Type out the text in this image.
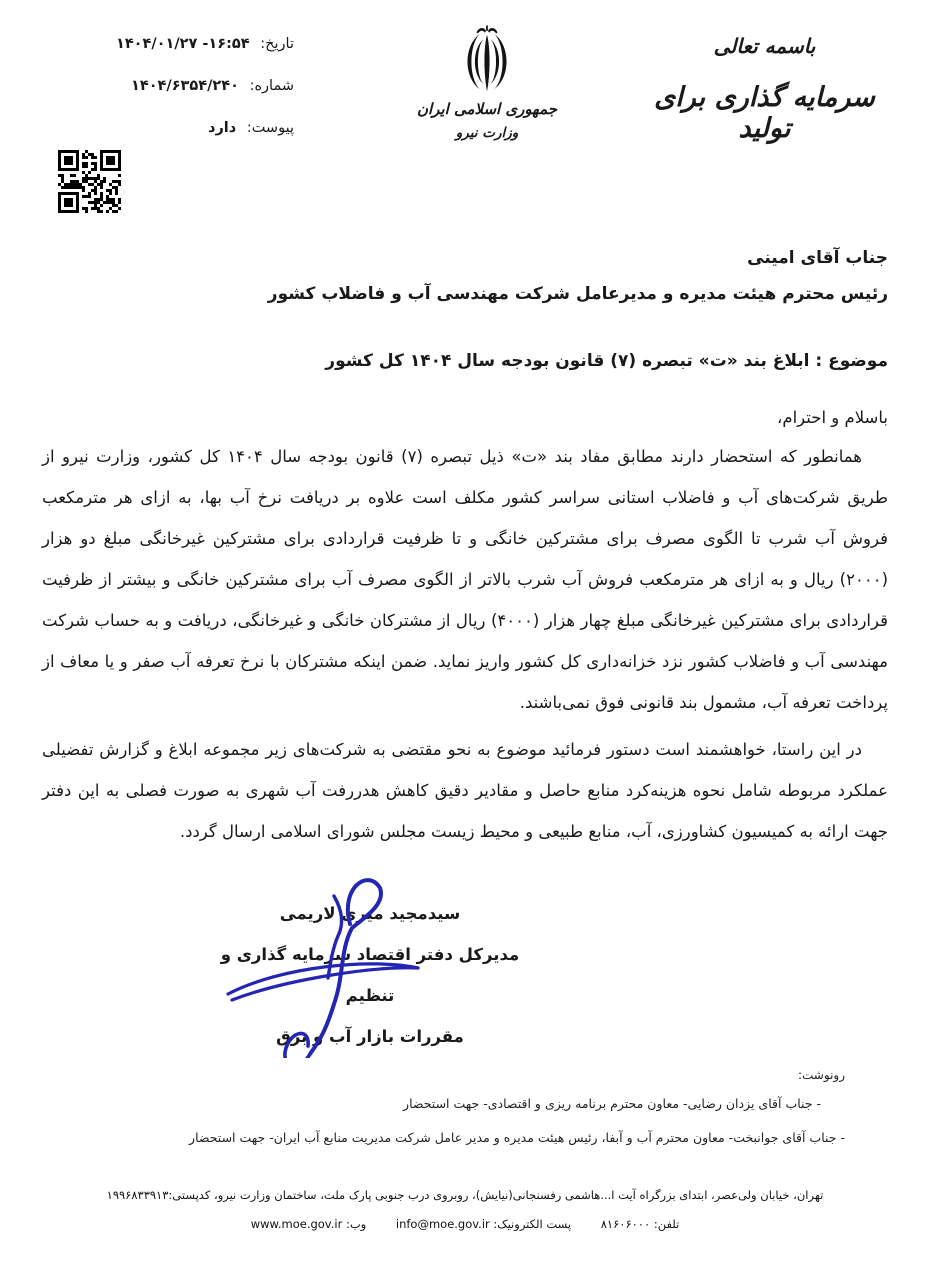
تاریخ: ۱۴۰۴/۰۱/۲۷ -۱۶:۵۴
شماره: ۱۴۰۴/۶۳۵۴/۲۴۰
پیوست: دارد
جمهوری اسلامی ایران
وزارت نیرو
باسمه تعالی
سرمایه گذاری برای تولید
جناب آقای امینی
رئیس محترم هیئت مدیره و مدیرعامل شرکت مهندسی آب و فاضلاب کشور
موضوع : ابلاغ بند «ت» تبصره (۷) قانون بودجه سال ۱۴۰۴ کل کشور
باسلام و احترام،

همانطور که استحضار دارند مطابق مفاد بند «ت» ذیل تبصره (۷) قانون بودجه سال ۱۴۰۴ کل کشور، وزارت نیرو از طریق شرکت‌های آب و فاضلاب استانی سراسر کشور مکلف است علاوه بر دریافت نرخ آب بها، به ازای هر مترمکعب فروش آب شرب تا الگوی مصرف برای مشترکین خانگی و تا ظرفیت قراردادی برای مشترکین غیرخانگی مبلغ دو هزار (۲۰۰۰) ریال و به ازای هر مترمکعب فروش آب شرب بالاتر از الگوی مصرف آب برای مشترکین خانگی و بیشتر از ظرفیت قراردادی برای مشترکین غیرخانگی مبلغ چهار هزار (۴۰۰۰) ریال از مشترکان خانگی و غیرخانگی، دریافت و به حساب شرکت مهندسی آب و فاضلاب کشور نزد خزانه‌داری کل کشور واریز نماید. ضمن اینکه مشترکان با نرخ تعرفه آب صفر و یا معاف از پرداخت تعرفه آب، مشمول بند قانونی فوق نمی‌باشند.

در این راستا، خواهشمند است دستور فرمائید موضوع به نحو مقتضی به شرکت‌های زیر مجموعه ابلاغ و گزارش تفضیلی عملکرد مربوطه شامل نحوه هزینه‌کرد منابع حاصل و مقادیر دقیق کاهش هدررفت آب شهری به صورت فصلی به این دفتر جهت ارائه به کمیسیون کشاورزی، آب، منابع طبیعی و محیط زیست مجلس شورای اسلامی ارسال گردد.

سیدمجید میری لاریمی
مدیرکل دفتر اقتصاد سرمایه گذاری و تنظیم
مقررات بازار آب و برق
رونوشت:
- جناب آقای یزدان رضایی- معاون محترم برنامه ریزی و اقتصادی- جهت استحضار
- جناب آقای جوانبخت- معاون محترم آب و آبفا، رئیس هیئت مدیره و مدیر عامل شرکت مدیریت منابع آب ایران- جهت استحضار
تهران، خیابان ولی‌عصر، ابتدای بزرگراه آیت ا...هاشمی رفسنجانی(نیایش)، روبروی درب جنوبی پارک ملت، ساختمان وزارت نیرو، کدپستی:۱۹۹۶۸۳۳۹۱۳
تلفن: ۸۱۶۰۶۰۰۰ پست الکترونیک: info@moe.gov.ir وب: www.moe.gov.ir
